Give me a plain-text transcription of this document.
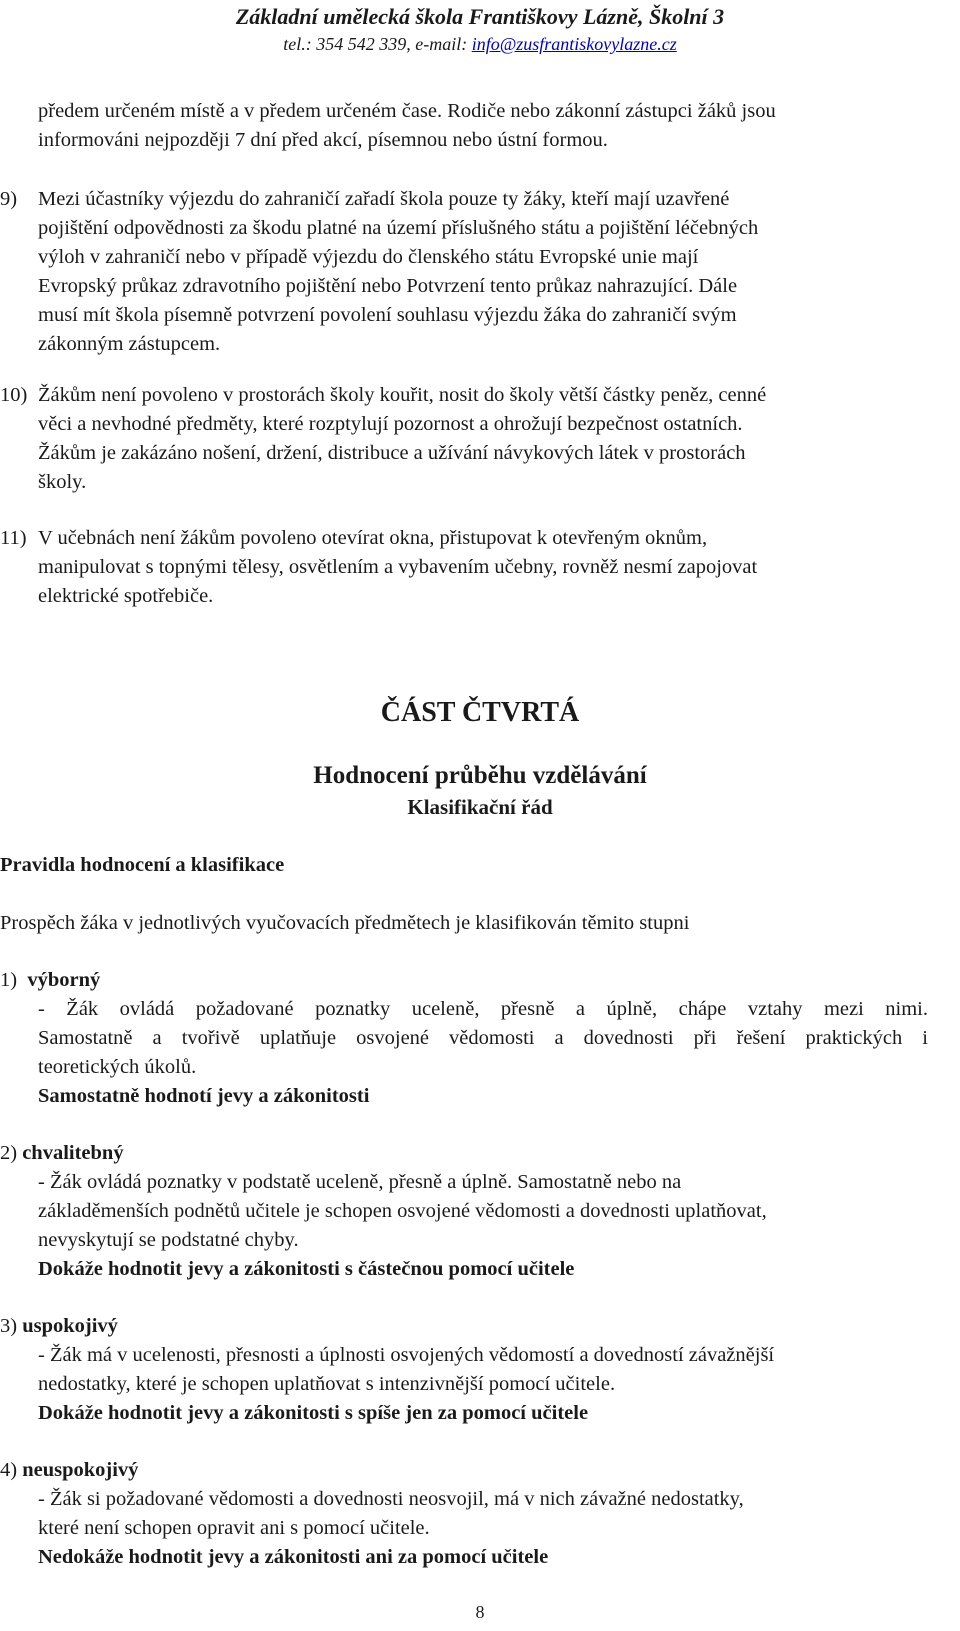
Základní umělecká škola Františkovy Lázně, Školní 3
tel.: 354 542 339, e-mail: info@zusfrantiskovylazne.cz
předem určeném místě a v předem určeném čase. Rodiče nebo zákonní zástupci žáků jsou
informováni nejpozději 7 dní před akcí, písemnou nebo ústní formou.
9) Mezi účastníky výjezdu do zahraničí zařadí škola pouze ty žáky, kteří mají uzavřené
pojištění odpovědnosti za škodu platné na území příslušného státu a pojištění léčebných
výloh v zahraničí nebo v případě výjezdu do členského státu Evropské unie mají
Evropský průkaz zdravotního pojištění nebo Potvrzení tento průkaz nahrazující. Dále
musí mít škola písemně potvrzení povolení souhlasu výjezdu žáka do zahraničí svým
zákonným zástupcem.
10) Žákům není povoleno v prostorách školy kouřit, nosit do školy větší částky peněz, cenné
věci a nevhodné předměty, které rozptylují pozornost a ohrožují bezpečnost ostatních.
Žákům je zakázáno nošení, držení, distribuce a užívání návykových látek v prostorách
školy.
11) V učebnách není žákům povoleno otevírat okna, přistupovat k otevřeným oknům,
manipulovat s topnými tělesy, osvětlením a vybavením učebny, rovněž nesmí zapojovat
elektrické spotřebiče.
ČÁST ČTVRTÁ
Hodnocení průběhu vzdělávání
Klasifikační řád
Pravidla hodnocení a klasifikace
Prospěch žáka v jednotlivých vyučovacích předmětech je klasifikován těmito stupni
1) výborný
- Žák ovládá požadované poznatky uceleně, přesně a úplně, chápe vztahy mezi nimi.
Samostatně a tvořivě uplatňuje osvojené vědomosti a dovednosti při řešení praktických i
teoretických úkolů.
Samostatně hodnotí jevy a zákonitosti
2) chvalitebný
- Žák ovládá poznatky v podstatě uceleně, přesně a úplně. Samostatně nebo na
základěmenších podnětů učitele je schopen osvojené vědomosti a dovednosti uplatňovat,
nevyskytují se podstatné chyby.
Dokáže hodnotit jevy a zákonitosti s částečnou pomocí učitele
3) uspokojivý
- Žák má v ucelenosti, přesnosti a úplnosti osvojených vědomostí a dovedností závažnější
nedostatky, které je schopen uplatňovat s intenzivnější pomocí učitele.
Dokáže hodnotit jevy a zákonitosti s spíše jen za pomocí učitele
4) neuspokojivý
- Žák si požadované vědomosti a dovednosti neosvojil, má v nich závažné nedostatky,
které není schopen opravit ani s pomocí učitele.
Nedokáže hodnotit jevy a zákonitosti ani za pomocí učitele
8
